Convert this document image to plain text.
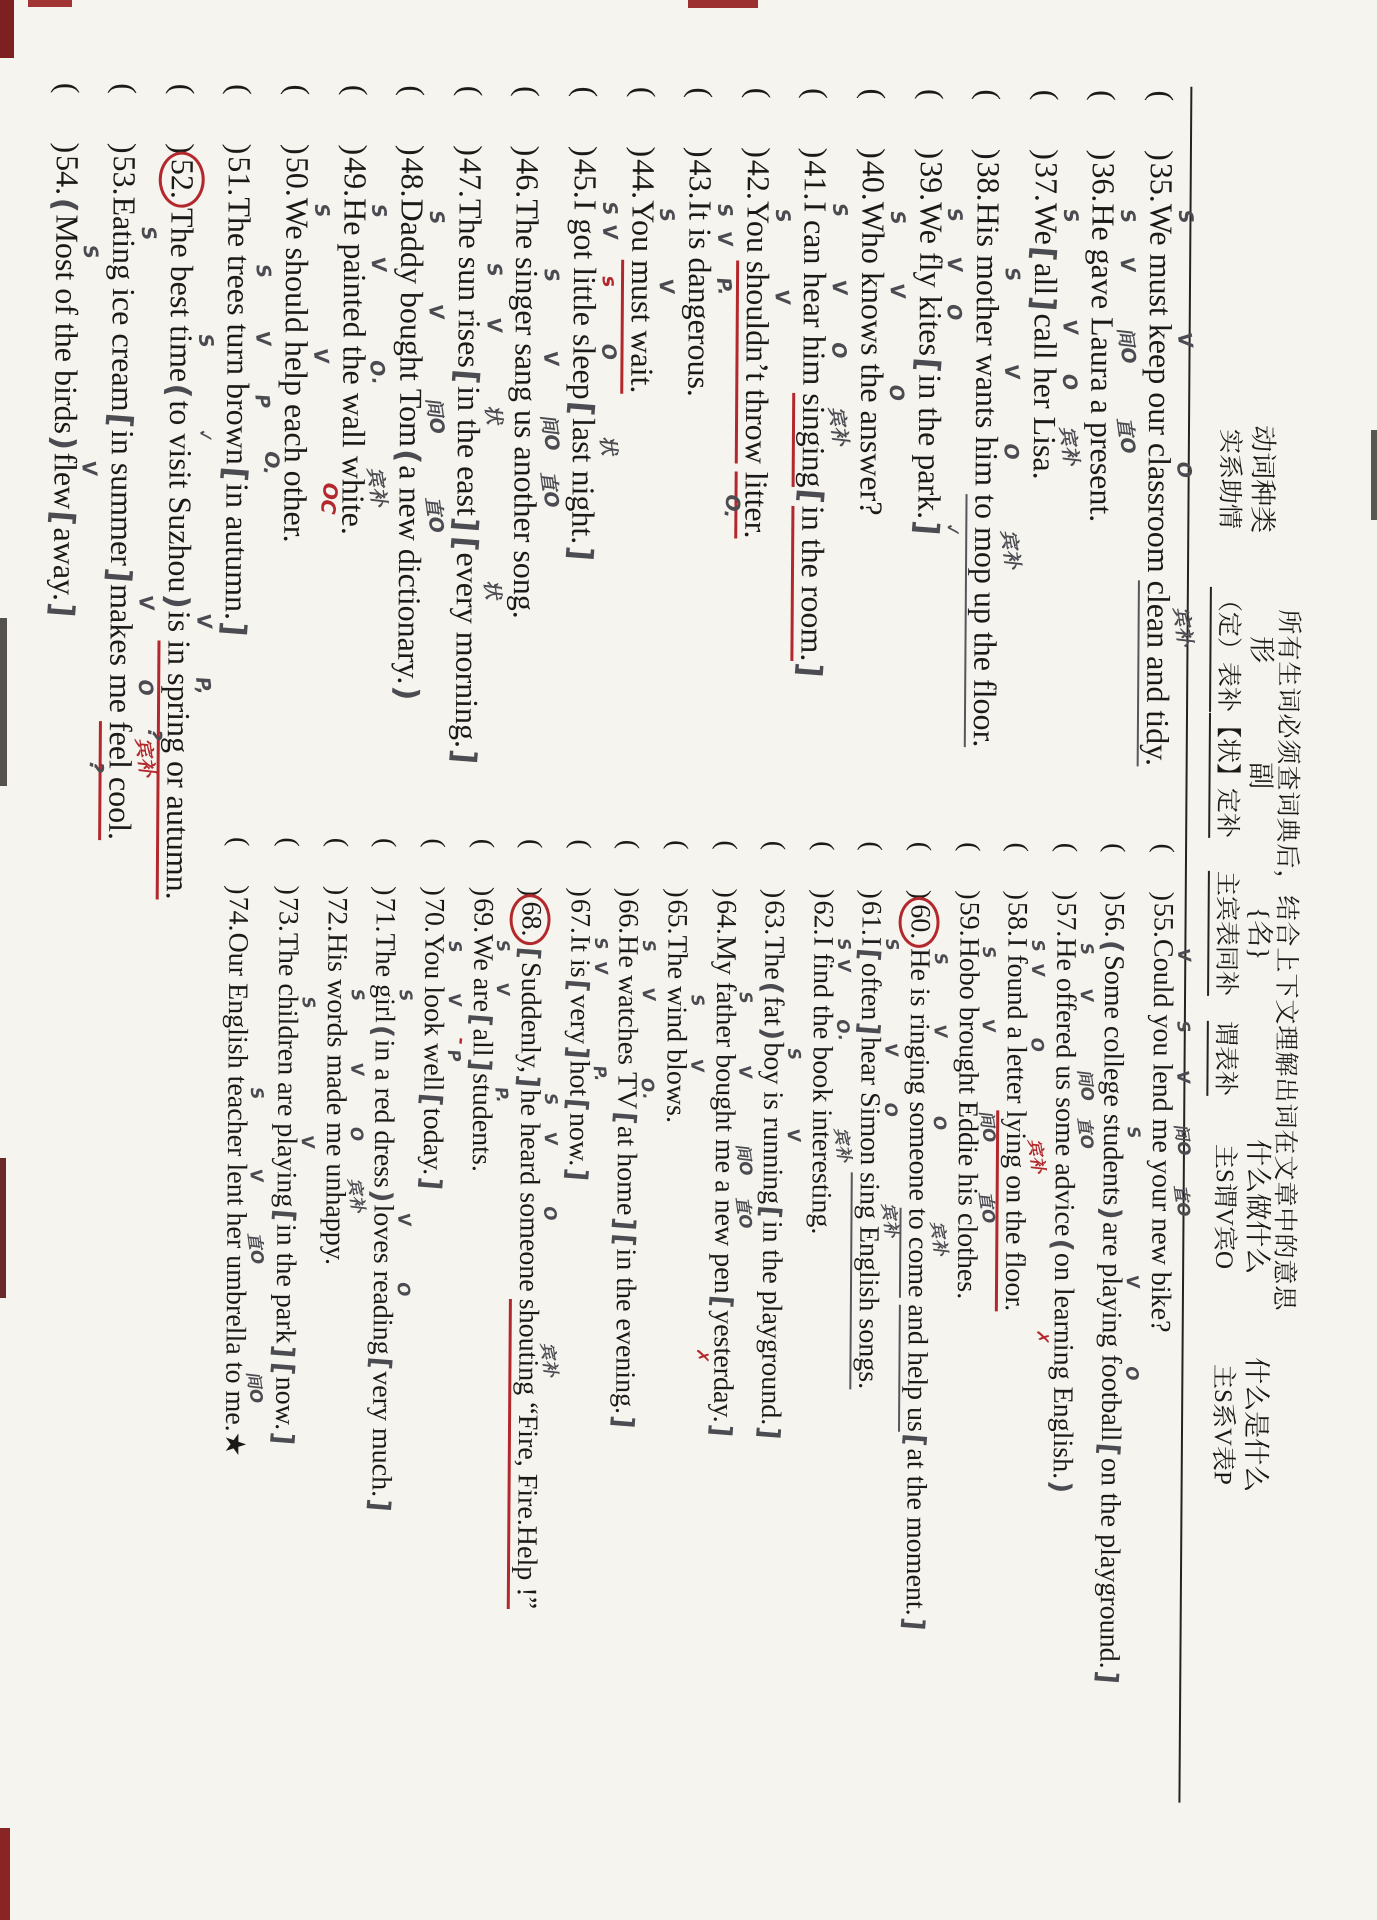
所有生词必须查词典后，结合上下文理解出词在文章中的意思
动词种类
实系助情
形
（定）表补
副
【状】定补
{名}
主宾表同补
谓表补
什么做什么
主S谓V宾O
什么是什么
主S系V表P
()35.We
S
must keep
V
our classroom
O
clean and tidy.
宾补
()36.He
S
gave
V
Laura
间O
a present.
直O
()37.We
S
[all]call
V
her
O
Lisa.
宾补
()38.His mother
S
wants
V
him
O
to mop up the floor.
宾补
()39.We
S
fly
V
kites
O
[in the park.]
✓
()40.Who
S
knows
V
the answer?
O
()41.I
S
can hear
V
him
O
singing
宾补
[in the room.]
()42.You
S
shouldn’t throw
V
litter.
O.
()43.It
S
is
V
dangerous.
P.
()44.You
S
must wait.
V
()45.I
S
got
V
little
s
sleep
O
[last night.
状
]
()46.The singer
S
sang
V
us
间O
another song.
直O
()47.The sun
S
rises
V
[in the east
状
][every morning.
状
]
()48.Daddy
S
bought
V
Tom
间O
(a new dictionary.
直O
)
()49.He
S
painted
V
the wall
O.
white.
宾补
OC
()50.We
S
should help
V
each other.
O.
()51.The trees
S
turn
V
brown
P
[in autumn.]
()52.The best time
S
(to visit Suzhou
✓
)is
V
in spring or autumn.
P,
?
()53.Eating ice cream
S
[in summer]makes
V
me
O
feel cool.
宾补
?
()54.(Most of the birds
S
)flew
V
[away.]
()55.Could
V
you
S
lend
V
me
间O
your new bike?
直O
()56.(Some college students
S
)are playing
V
football
O
[on the playground.]
()57.He
S
offered
V
us
间O
some advice
直O
(on learning English.
✗
)
()58.I
S
found
V
a letter
O
lying on the floor.
宾补
()59.Hobo
S
brought
V
Eddie
间O
his clothes.
直O
()60.He
S
is ringing
V
someone
O
to come
宾补
and help us[at the moment.]
()61.I
S
[often]hear
V
Simon
O
sing English songs.
宾补
()62.I
S
find
V
the book
O.
interesting.
宾补
()63.The(fat)boy
S
is running
V
[in the playground.]
()64.My father
S
bought
V
me
间O
a new pen
直O
[yesterday.
✗
]
()65.The wind
S
blows.
V
()66.He
S
watches
V
TV
O.
[at home][in the evening.]
()67.It
S
is
V
[very]hot
P.
[now.]
()68.[Suddenly,]he
S
heard
V
someone
O
shouting “Fire, Fire.Help !”
宾补
()69.We
S
are
V
[all
-
]students.
P.
()70.You
S
look
V
well
P
[today.]
()71.The girl
S
(in a red dress)loves
V
reading
O
[very much.]
()72.His words
S
made
V
me
O
unhappy.
宾补
()73.The children
S
are playing
V
[in the park][now.]
()74.Our English teacher
S
lent
V
her umbrella
直O
to me.
间O
★
